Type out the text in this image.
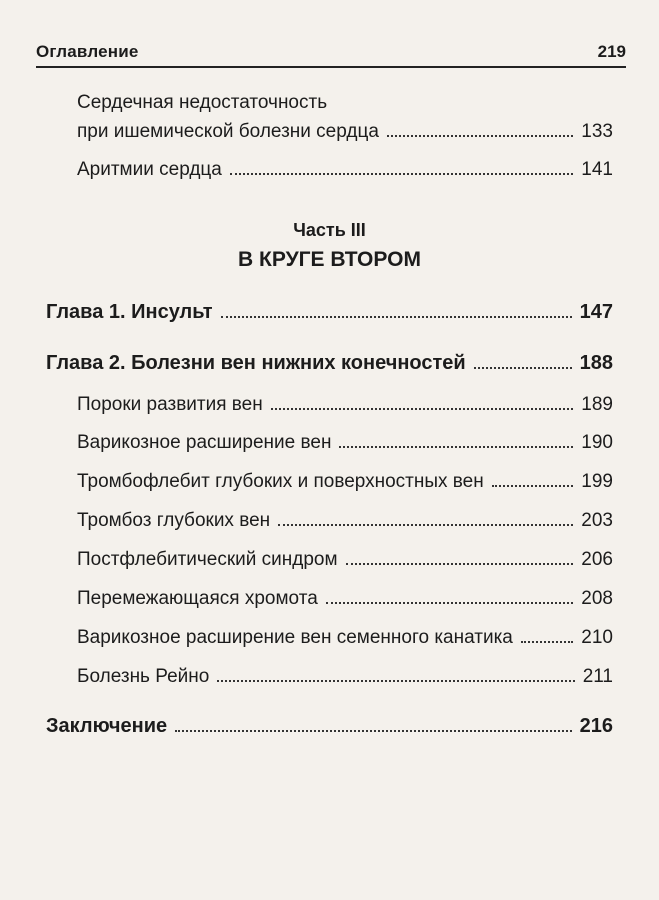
Оглавление	219
Сердечная недостаточность
при ишемической болезни сердца	133
Аритмии сердца	141
Часть III
В КРУГЕ ВТОРОМ
Глава 1. Инсульт	147
Глава 2. Болезни вен нижних конечностей	188
Пороки развития вен	189
Варикозное расширение вен	190
Тромбофлебит глубоких и поверхностных вен	199
Тромбоз глубоких вен	203
Постфлебитический синдром	206
Перемежающаяся хромота	208
Варикозное расширение вен семенного канатика	210
Болезнь Рейно	211
Заключение	216
